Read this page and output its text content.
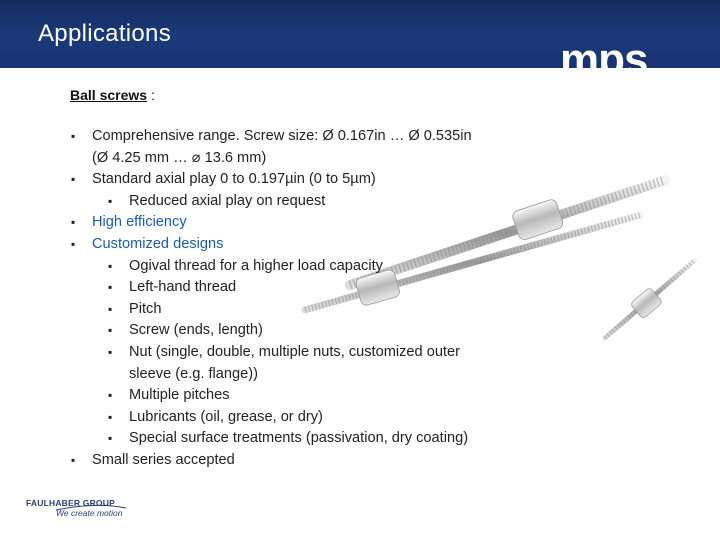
Applications
mps
Ball screws :
▪ Comprehensive range. Screw size: Ø 0.167in … Ø 0.535in
(Ø 4.25 mm … ⌀ 13.6 mm)
▪ Standard axial play 0 to 0.197µin (0 to 5µm)
▪ Reduced axial play on request
▪ High efficiency
▪ Customized designs
▪ Ogival thread for a higher load capacity
▪ Left-hand thread
▪ Pitch
▪ Screw (ends, length)
▪ Nut (single, double, multiple nuts, customized outer
sleeve (e.g. flange))
▪ Multiple pitches
▪ Lubricants (oil, grease, or dry)
▪ Special surface treatments (passivation, dry coating)
▪ Small series accepted
FAULHABER GROUP
We create motion
